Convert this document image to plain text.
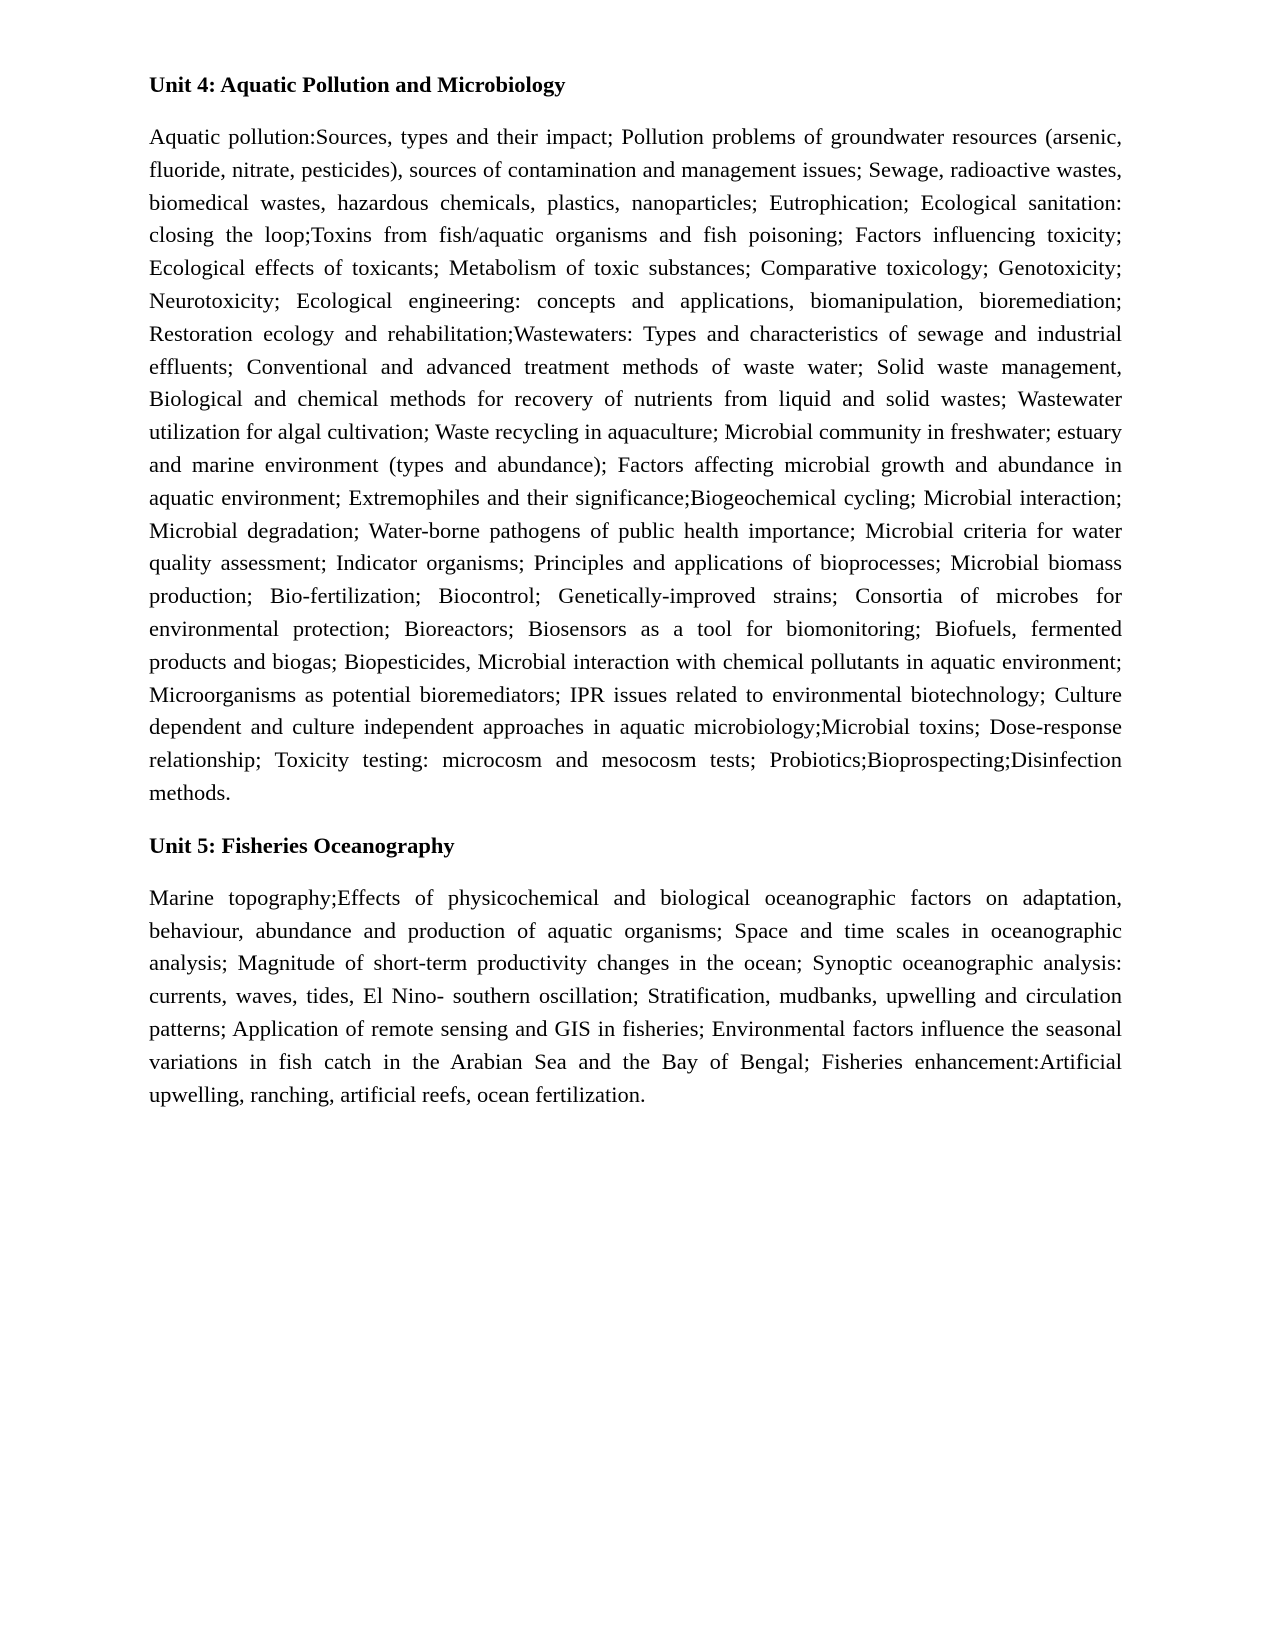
Unit 4: Aquatic Pollution and Microbiology

Aquatic pollution:Sources, types and their impact; Pollution problems of groundwater resources (arsenic, fluoride, nitrate, pesticides), sources of contamination and management issues; Sewage, radioactive wastes, biomedical wastes, hazardous chemicals, plastics, nanoparticles; Eutrophication; Ecological sanitation: closing the loop;Toxins from fish/aquatic organisms and fish poisoning; Factors influencing toxicity; Ecological effects of toxicants; Metabolism of toxic substances; Comparative toxicology; Genotoxicity; Neurotoxicity; Ecological engineering: concepts and applications, biomanipulation, bioremediation; Restoration ecology and rehabilitation;Wastewaters: Types and characteristics of sewage and industrial effluents; Conventional and advanced treatment methods of waste water; Solid waste management, Biological and chemical methods for recovery of nutrients from liquid and solid wastes; Wastewater utilization for algal cultivation; Waste recycling in aquaculture; Microbial community in freshwater; estuary and marine environment (types and abundance); Factors affecting microbial growth and abundance in aquatic environment; Extremophiles and their significance;Biogeochemical cycling; Microbial interaction; Microbial degradation; Water-borne pathogens of public health importance; Microbial criteria for water quality assessment; Indicator organisms; Principles and applications of bioprocesses; Microbial biomass production; Bio-fertilization; Biocontrol; Genetically-improved strains; Consortia of microbes for environmental protection; Bioreactors; Biosensors as a tool for biomonitoring; Biofuels, fermented products and biogas; Biopesticides, Microbial interaction with chemical pollutants in aquatic environment; Microorganisms as potential bioremediators; IPR issues related to environmental biotechnology; Culture dependent and culture independent approaches in aquatic microbiology;Microbial toxins; Dose-response relationship; Toxicity testing: microcosm and mesocosm tests; Probiotics;Bioprospecting;Disinfection methods.

Unit 5: Fisheries Oceanography

Marine topography;Effects of physicochemical and biological oceanographic factors on adaptation, behaviour, abundance and production of aquatic organisms; Space and time scales in oceanographic analysis; Magnitude of short-term productivity changes in the ocean; Synoptic oceanographic analysis: currents, waves, tides, El Nino- southern oscillation; Stratification, mudbanks, upwelling and circulation patterns; Application of remote sensing and GIS in fisheries; Environmental factors influence the seasonal variations in fish catch in the Arabian Sea and the Bay of Bengal; Fisheries enhancement:Artificial upwelling, ranching, artificial reefs, ocean fertilization.
